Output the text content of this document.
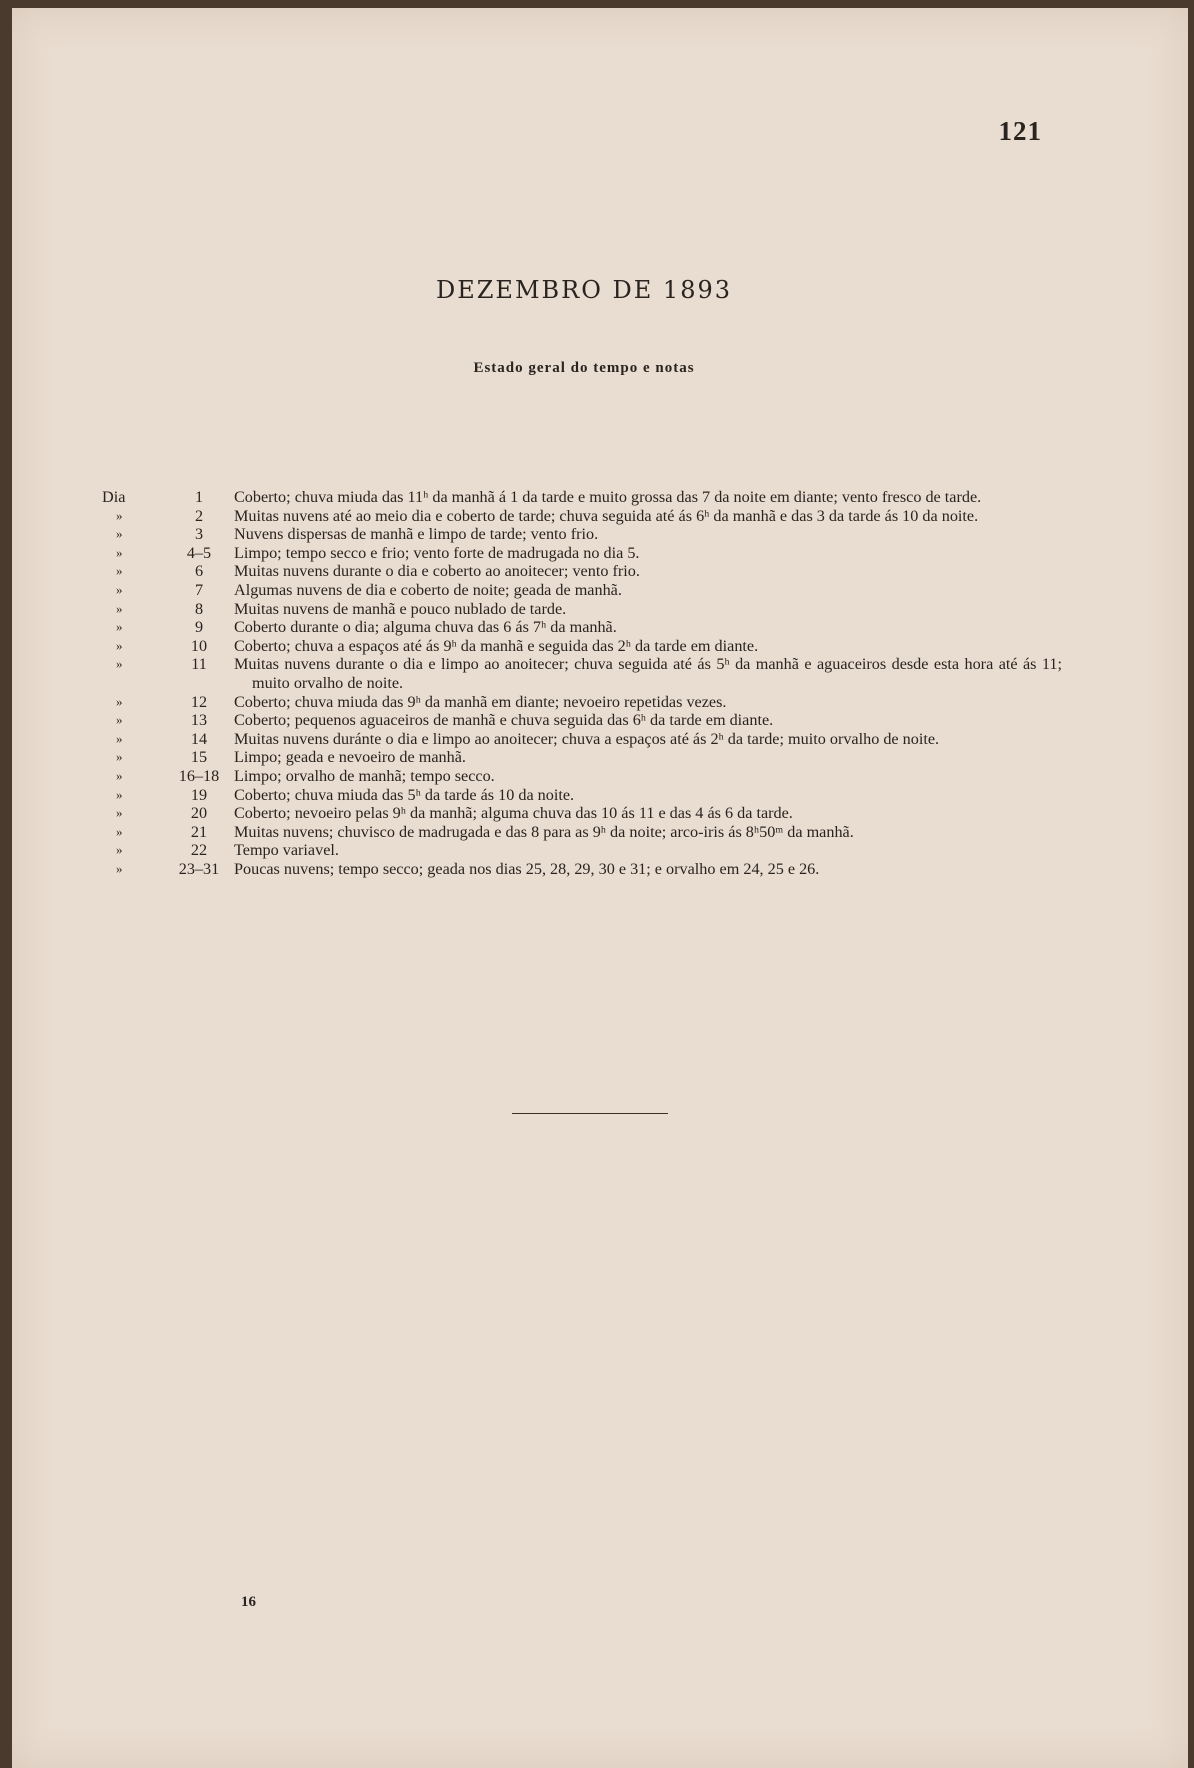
121
DEZEMBRO DE 1893
Estado geral do tempo e notas
Dia	1	Coberto; chuva miuda das 11ʰ da manhã á 1 da tarde e muito grossa das 7 da noite em diante; vento fresco de tarde.
»	2	Muitas nuvens até ao meio dia e coberto de tarde; chuva seguida até ás 6ʰ da manhã e das 3 da tarde ás 10 da noite.
»	3	Nuvens dispersas de manhã e limpo de tarde; vento frio.
»	4–5	Limpo; tempo secco e frio; vento forte de madrugada no dia 5.
»	6	Muitas nuvens durante o dia e coberto ao anoitecer; vento frio.
»	7	Algumas nuvens de dia e coberto de noite; geada de manhã.
»	8	Muitas nuvens de manhã e pouco nublado de tarde.
»	9	Coberto durante o dia; alguma chuva das 6 ás 7ʰ da manhã.
»	10	Coberto; chuva a espaços até ás 9ʰ da manhã e seguida das 2ʰ da tarde em diante.
»	11	Muitas nuvens durante o dia e limpo ao anoitecer; chuva seguida até ás 5ʰ da manhã e aguaceiros desde esta hora até ás 11; muito orvalho de noite.
»	12	Coberto; chuva miuda das 9ʰ da manhã em diante; nevoeiro repetidas vezes.
»	13	Coberto; pequenos aguaceiros de manhã e chuva seguida das 6ʰ da tarde em diante.
»	14	Muitas nuvens duránte o dia e limpo ao anoitecer; chuva a espaços até ás 2ʰ da tarde; muito orvalho de noite.
»	15	Limpo; geada e nevoeiro de manhã.
»	16–18 Limpo; orvalho de manhã; tempo secco.
»	19	Coberto; chuva miuda das 5ʰ da tarde ás 10 da noite.
»	20	Coberto; nevoeiro pelas 9ʰ da manhã; alguma chuva das 10 ás 11 e das 4 ás 6 da tarde.
»	21	Muitas nuvens; chuvisco de madrugada e das 8 para as 9ʰ da noite; arco-iris ás 8ʰ50ᵐ da manhã.
»	22	Tempo variavel.
»	23–31 Poucas nuvens; tempo secco; geada nos dias 25, 28, 29, 30 e 31; e orvalho em 24, 25 e 26.
16
